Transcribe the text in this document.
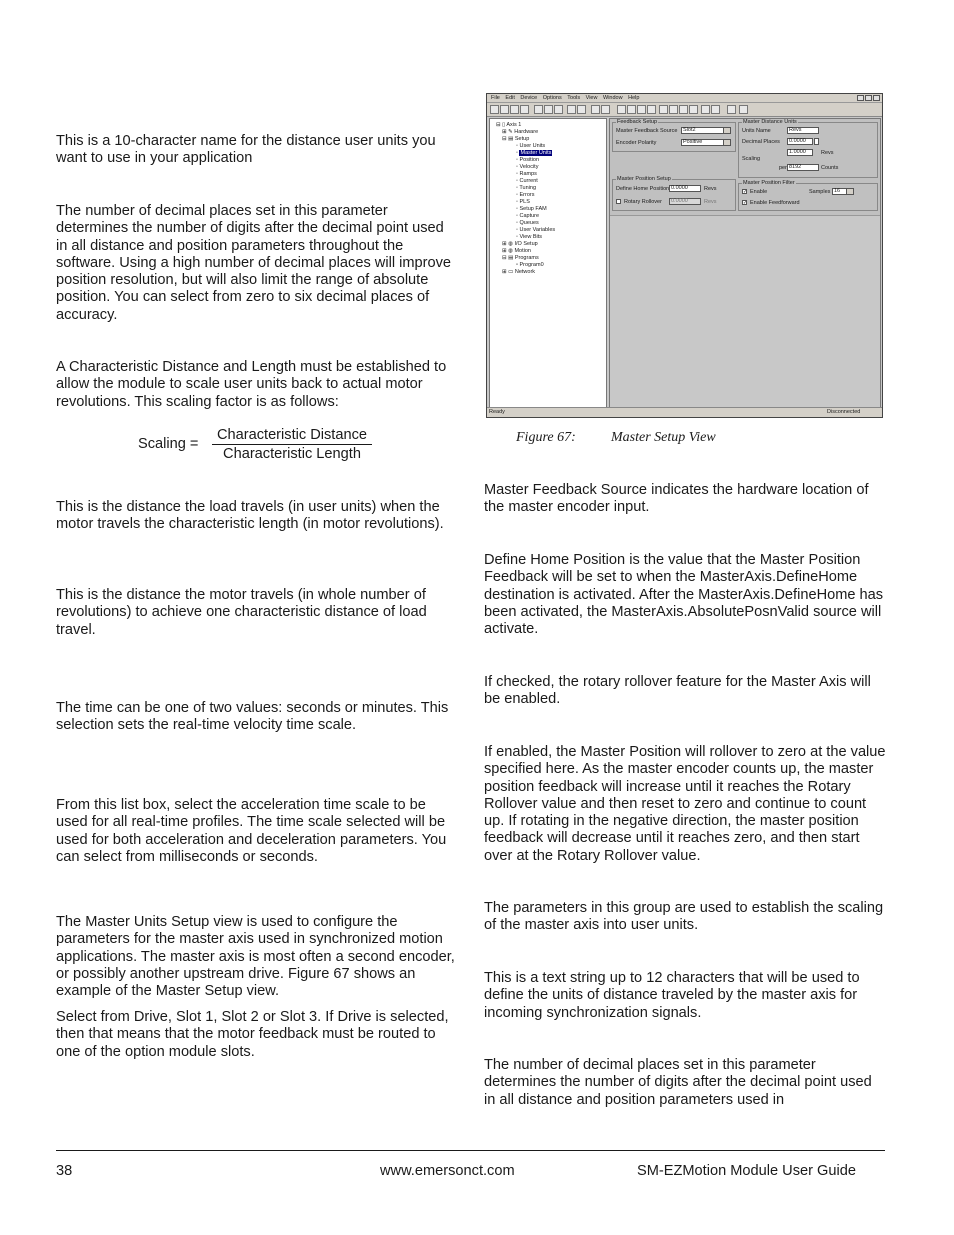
This is a 10-character name for the distance user units you want to use in your application

The number of decimal places set in this parameter determines the number of digits after the decimal point used in all distance and position parameters throughout the software. Using a high number of decimal places will improve position resolution, but will also limit the range of absolute position. You can select from zero to six decimal places of accuracy.

A Characteristic Distance and Length must be established to allow the module to scale user units back to actual motor revolutions. This scaling factor is as follows:

Scaling =
Characteristic Distance
Characteristic Length

This is the distance the load travels (in user units) when the motor travels the characteristic length (in motor revolutions).

This is the distance the motor travels (in whole number of revolutions) to achieve one characteristic distance of load travel.

The time can be one of two values: seconds or minutes. This selection sets the real-time velocity time scale.

From this list box, select the acceleration time scale to be used for all real-time profiles. The time scale selected will be used for both acceleration and deceleration parameters. You can select from milliseconds or seconds.

The Master Units Setup view is used to configure the parameters for the master axis used in synchronized motion applications. The master axis is most often a second encoder, or possibly another upstream drive. Figure 67 shows an example of the Master Setup view.

Select from Drive, Slot 1, Slot 2 or Slot 3. If Drive is selected, then that means that the motor feedback must be routed to one of the option module slots.

File Edit Device Options Tools View Window Help
⊟ ▯ Axis 1
⊞ ✎ Hardware
⊟ ▤ Setup
◦ User Units
◦ Master Units
◦ Position
◦ Velocity
◦ Ramps
◦ Current
◦ Tuning
◦ Errors
◦ PLS
◦ Setup FAM
◦ Capture
◦ Queues
◦ User Variables
◦ View Bits
⊞ ◍ I/O Setup
⊞ ◍ Motion
⊟ ▤ Programs
▫ Program0
⊞ ▭ Network
Feedback Setup
Master Feedback Source	Slot2
Encoder Polarity	Positive
Master Position Setup
Define Home Position 0.0000	Revs
Rotary Rollover	0.0000	Revs
Master Distance Units
Units Name	Revs
Decimal Places	0.0000
1.0000	Revs
Scaling
per 8192	Counts
Master Position Filter
✓ Enable	Samples 16
✓ Enable Feedforward
Ready	Disconnected
Figure 67:	Master Setup View

Master Feedback Source indicates the hardware location of the master encoder input.

Define Home Position is the value that the Master Position Feedback will be set to when the MasterAxis.DefineHome destination is activated. After the MasterAxis.DefineHome has been activated, the MasterAxis.AbsolutePosnValid source will activate.

If checked, the rotary rollover feature for the Master Axis will be enabled.

If enabled, the Master Position will rollover to zero at the value specified here. As the master encoder counts up, the master position feedback will increase until it reaches the Rotary Rollover value and then reset to zero and continue to count up. If rotating in the negative direction, the master position feedback will decrease until it reaches zero, and then start over at the Rotary Rollover value.

The parameters in this group are used to establish the scaling of the master axis into user units.

This is a text string up to 12 characters that will be used to define the units of distance traveled by the master axis for incoming synchronization signals.

The number of decimal places set in this parameter determines the number of digits after the decimal point used in all distance and position parameters used in

38	www.emersonct.com	SM-EZMotion Module User Guide
